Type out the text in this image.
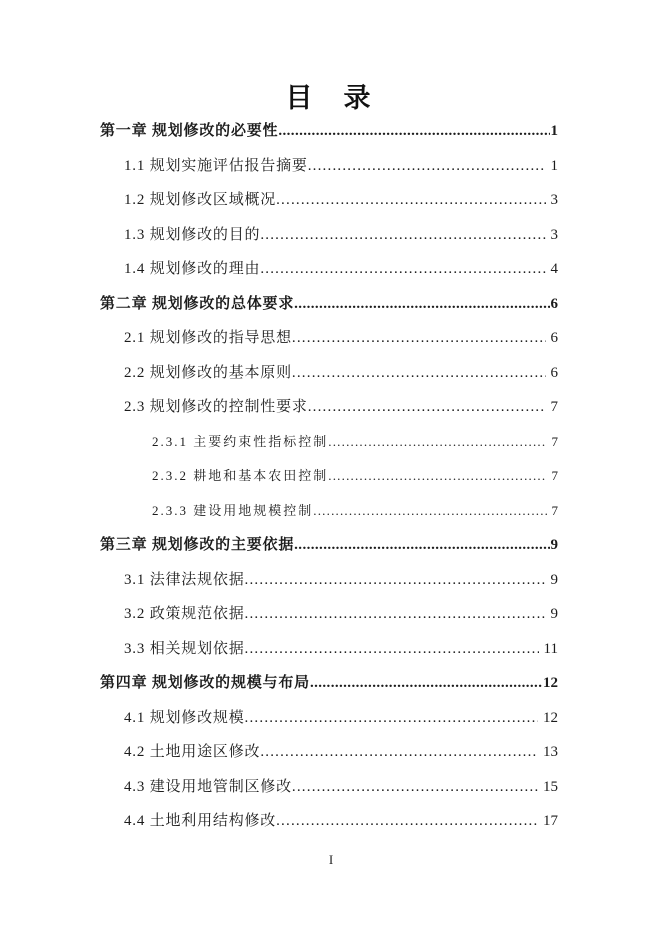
目　录
第一章 规划修改的必要性 .....	1
1.1 规划实施评估报告摘要 .....	1
1.2 规划修改区域概况 .....	3
1.3 规划修改的目的 .....	3
1.4 规划修改的理由 .....	4
第二章 规划修改的总体要求 .....	6
2.1 规划修改的指导思想 .....	6
2.2 规划修改的基本原则 .....	6
2.3 规划修改的控制性要求 .....	7
2.3.1 主要约束性指标控制 .....	7
2.3.2 耕地和基本农田控制 .....	7
2.3.3 建设用地规模控制 .....	7
第三章 规划修改的主要依据 .....	9
3.1 法律法规依据 .....	9
3.2 政策规范依据 .....	9
3.3 相关规划依据 .....	11
第四章 规划修改的规模与布局 .....	12
4.1 规划修改规模 .....	12
4.2 土地用途区修改 .....	13
4.3 建设用地管制区修改 .....	15
4.4 土地利用结构修改 .....	17
I
